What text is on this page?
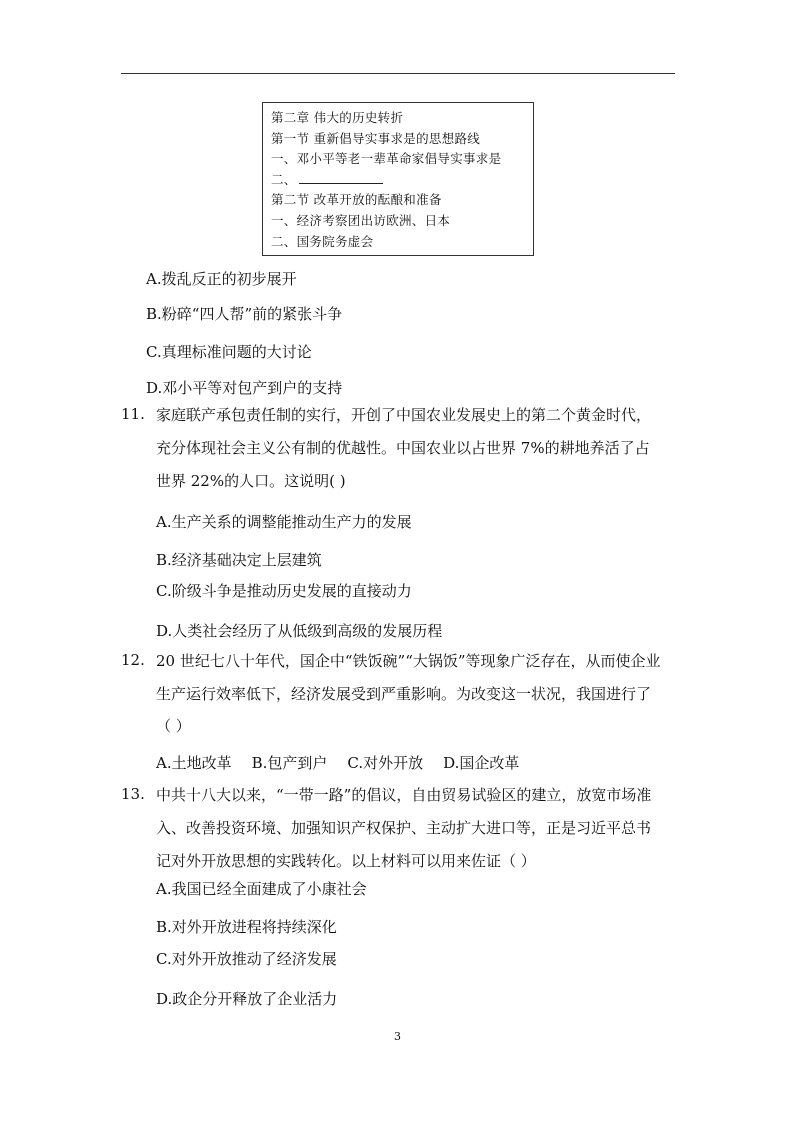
第二章 伟大的历史转折
第一节 重新倡导实事求是的思想路线
一、邓小平等老一辈革命家倡导实事求是
二、
第二节 改革开放的酝酿和准备
一、经济考察团出访欧洲、日本
二、国务院务虚会
A.拨乱反正的初步展开
B.粉碎“四人帮”前的紧张斗争
C.真理标准问题的大讨论
D.邓小平等对包产到户的支持
11. 家庭联产承包责任制的实行，开创了中国农业发展史上的第二个黄金时代，
充分体现社会主义公有制的优越性。中国农业以占世界 7%的耕地养活了占
世界 22%的人口。这说明( )
A.生产关系的调整能推动生产力的发展
B.经济基础决定上层建筑
C.阶级斗争是推动历史发展的直接动力
D.人类社会经历了从低级到高级的发展历程
12. 20 世纪七八十年代，国企中“铁饭碗”“大锅饭”等现象广泛存在，从而使企业
生产运行效率低下，经济发展受到严重影响。为改变这一状况，我国进行了
（ ）
A.土地改革 B.包产到户 C.对外开放 D.国企改革
13. 中共十八大以来，“一带一路”的倡议，自由贸易试验区的建立，放宽市场准
入、改善投资环境、加强知识产权保护、主动扩大进口等，正是习近平总书
记对外开放思想的实践转化。以上材料可以用来佐证（ ）
A.我国已经全面建成了小康社会
B.对外开放进程将持续深化
C.对外开放推动了经济发展
D.政企分开释放了企业活力
3
